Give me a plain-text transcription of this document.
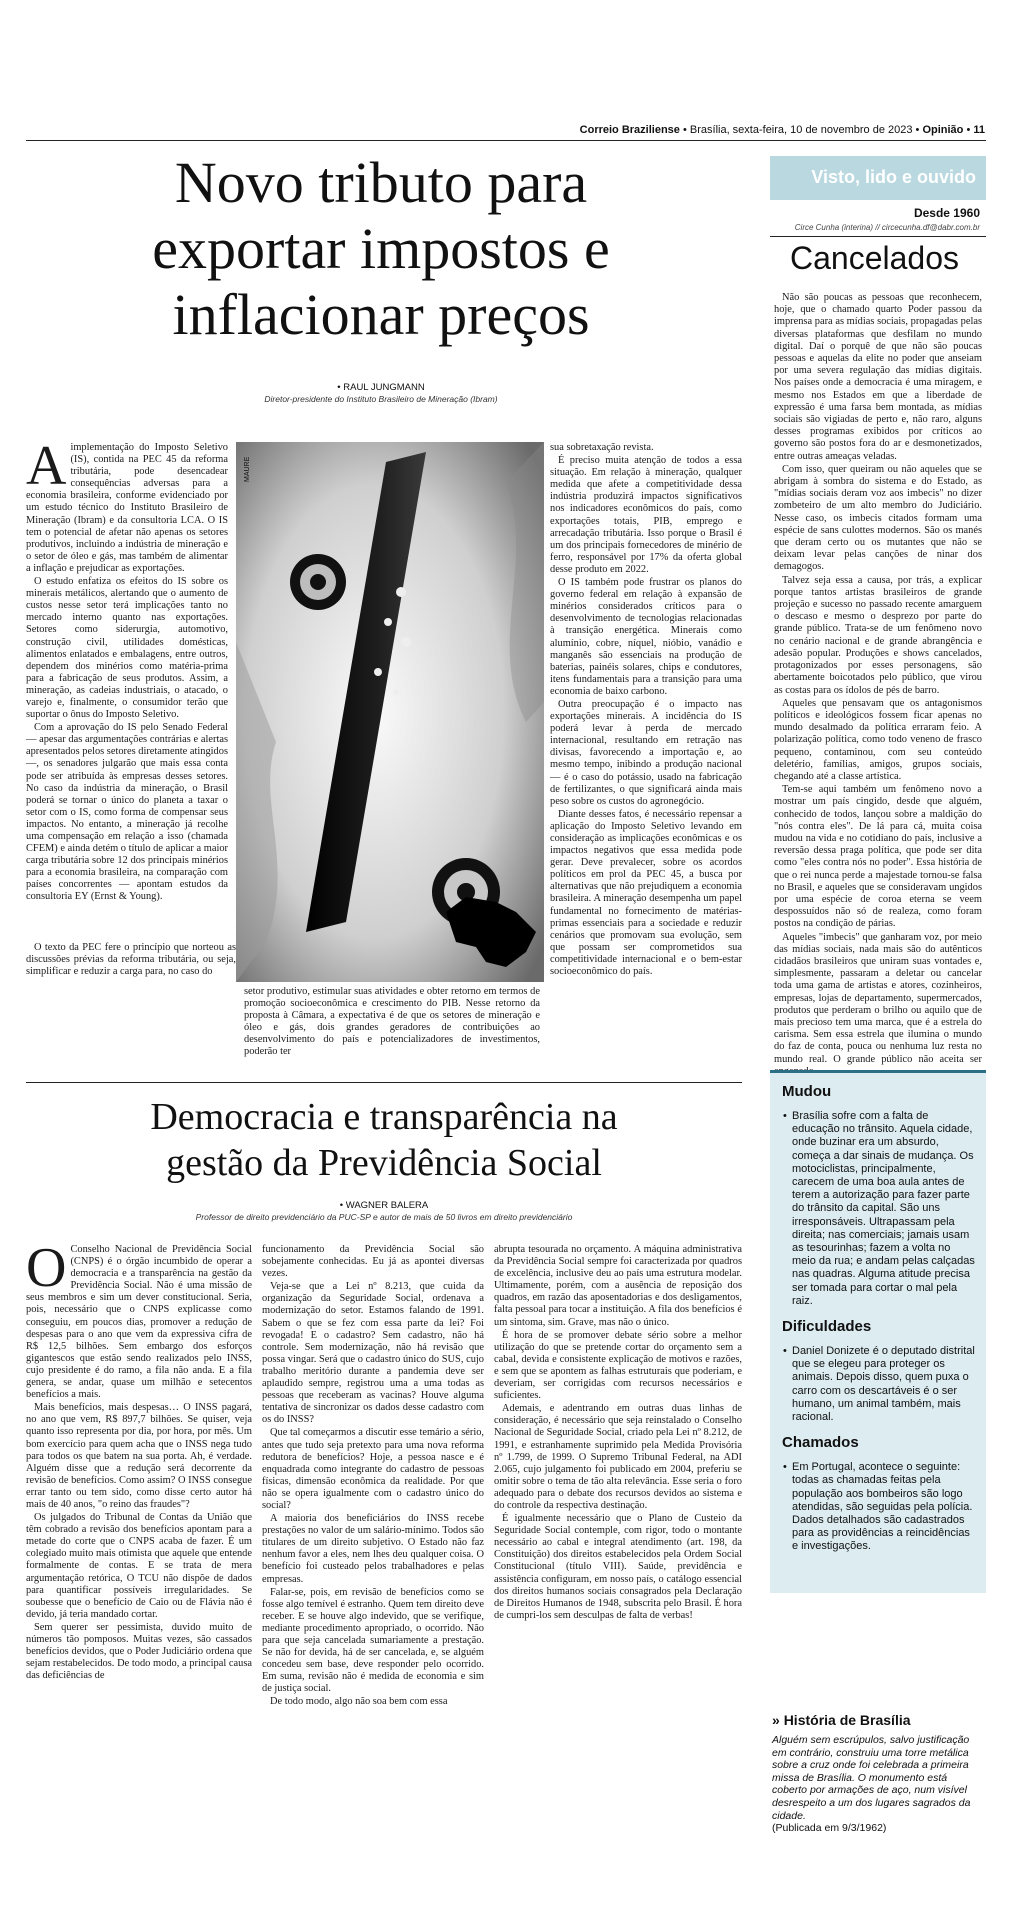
Correio Braziliense • Brasília, sexta-feira, 10 de novembro de 2023 • Opinião • 11
Novo tributo para
exportar impostos e
inflacionar preços
• RAUL JUNGMANN
Diretor-presidente do Instituto Brasileiro de Mineração (Ibram)
MAURE

Aimplementação do Imposto Seletivo (IS), contida na PEC 45 da reforma tributária, pode desencadear consequências adversas para a economia brasileira, conforme evidenciado por um estudo técnico do Instituto Brasileiro de Mineração (Ibram) e da consultoria LCA. O IS tem o potencial de afetar não apenas os setores produtivos, incluindo a indústria de mineração e o setor de óleo e gás, mas também de alimentar a inflação e prejudicar as exportações.

O estudo enfatiza os efeitos do IS sobre os minerais metálicos, alertando que o aumento de custos nesse setor terá implicações tanto no mercado interno quanto nas exportações. Setores como siderurgia, automotivo, construção civil, utilidades domésticas, alimentos enlatados e embalagens, entre outros, dependem dos minérios como matéria-prima para a fabricação de seus produtos. Assim, a mineração, as cadeias industriais, o atacado, o varejo e, finalmente, o consumidor terão que suportar o ônus do Imposto Seletivo.

Com a aprovação do IS pelo Senado Federal — apesar das argumentações contrárias e alertas apresentados pelos setores diretamente atingidos —, os senadores julgarão que mais essa conta pode ser atribuída às empresas desses setores. No caso da indústria da mineração, o Brasil poderá se tornar o único do planeta a taxar o setor com o IS, como forma de compensar seus impactos. No entanto, a mineração já recolhe uma compensação em relação a isso (chamada CFEM) e ainda detém o título de aplicar a maior carga tributária sobre 12 dos principais minérios para a economia brasileira, na comparação com países concorrentes — apontam estudos da consultoria EY (Ernst & Young).

O texto da PEC fere o princípio que norteou as discussões prévias da reforma tributária, ou seja, simplificar e reduzir a carga para, no caso do

setor produtivo, estimular suas atividades e obter retorno em termos de promoção socioeconômica e crescimento do PIB. Nesse retorno da proposta à Câmara, a expectativa é de que os setores de mineração e óleo e gás, dois grandes geradores de contribuições ao desenvolvimento do país e potencializadores de investimentos, poderão ter

sua sobretaxação revista.

É preciso muita atenção de todos a essa situação. Em relação à mineração, qualquer medida que afete a competitividade dessa indústria produzirá impactos significativos nos indicadores econômicos do país, como exportações totais, PIB, emprego e arrecadação tributária. Isso porque o Brasil é um dos principais fornecedores de minério de ferro, responsável por 17% da oferta global desse produto em 2022.

O IS também pode frustrar os planos do governo federal em relação à expansão de minérios considerados críticos para o desenvolvimento de tecnologias relacionadas à transição energética. Minerais como alumínio, cobre, níquel, nióbio, vanádio e manganês são essenciais na produção de baterias, painéis solares, chips e condutores, itens fundamentais para a transição para uma economia de baixo carbono.

Outra preocupação é o impacto nas exportações minerais. A incidência do IS poderá levar à perda de mercado internacional, resultando em retração nas divisas, favorecendo a importação e, ao mesmo tempo, inibindo a produção nacional — é o caso do potássio, usado na fabricação de fertilizantes, o que significará ainda mais peso sobre os custos do agronegócio.

Diante desses fatos, é necessário repensar a aplicação do Imposto Seletivo levando em consideração as implicações econômicas e os impactos negativos que essa medida pode gerar. Deve prevalecer, sobre os acordos políticos em prol da PEC 45, a busca por alternativas que não prejudiquem a economia brasileira. A mineração desempenha um papel fundamental no fornecimento de matérias-primas essenciais para a sociedade e reduzir cenários que promovam sua evolução, sem que possam ser comprometidos sua competitividade internacional e o bem-estar socioeconômico do país.

Democracia e transparência na
gestão da Previdência Social
• WAGNER BALERA
Professor de direito previdenciário da PUC-SP e autor de mais de 50 livros em direito previdenciário

O Conselho Nacional de Previdência Social (CNPS) é o órgão incumbido de operar a democracia e a transparência na gestão da Previdência Social. Não é uma missão de seus membros e sim um dever constitucional. Seria, pois, necessário que o CNPS explicasse como conseguiu, em poucos dias, promover a redução de despesas para o ano que vem da expressiva cifra de R$ 12,5 bilhões. Sem embargo dos esforços gigantescos que estão sendo realizados pelo INSS, cujo presidente é do ramo, a fila não anda. E a fila genera, se andar, quase um milhão e setecentos benefícios a mais.

Mais benefícios, mais despesas… O INSS pagará, no ano que vem, R$ 897,7 bilhões. Se quiser, veja quanto isso representa por dia, por hora, por mês. Um bom exercício para quem acha que o INSS nega tudo para todos os que batem na sua porta. Ah, é verdade. Alguém disse que a redução será decorrente da revisão de benefícios. Como assim? O INSS consegue errar tanto ou tem sido, como disse certo autor há mais de 40 anos, "o reino das fraudes"?

Os julgados do Tribunal de Contas da União que têm cobrado a revisão dos benefícios apontam para a metade do corte que o CNPS acaba de fazer. É um colegiado muito mais otimista que aquele que entende formalmente de contas. E se trata de mera argumentação retórica, O TCU não dispõe de dados para quantificar possíveis irregularidades. Se soubesse que o benefício de Caio ou de Flávia não é devido, já teria mandado cortar.

Sem querer ser pessimista, duvido muito de números tão pomposos. Muitas vezes, são cassados benefícios devidos, que o Poder Judiciário ordena que sejam restabelecidos. De todo modo, a principal causa das deficiências de

funcionamento da Previdência Social são sobejamente conhecidas. Eu já as apontei diversas vezes.

Veja-se que a Lei nº 8.213, que cuida da organização da Seguridade Social, ordenava a modernização do setor. Estamos falando de 1991. Sabem o que se fez com essa parte da lei? Foi revogada! E o cadastro? Sem cadastro, não há controle. Sem modernização, não há revisão que possa vingar. Será que o cadastro único do SUS, cujo trabalho meritório durante a pandemia deve ser aplaudido sempre, registrou uma a uma todas as pessoas que receberam as vacinas? Houve alguma tentativa de sincronizar os dados desse cadastro com os do INSS?

Que tal começarmos a discutir esse temário a sério, antes que tudo seja pretexto para uma nova reforma redutora de benefícios? Hoje, a pessoa nasce e é enquadrada como integrante do cadastro de pessoas físicas, dimensão econômica da realidade. Por que não se opera igualmente com o cadastro único do social?

A maioria dos beneficiários do INSS recebe prestações no valor de um salário-mínimo. Todos são titulares de um direito subjetivo. O Estado não faz nenhum favor a eles, nem lhes deu qualquer coisa. O benefício foi custeado pelos trabalhadores e pelas empresas.

Falar-se, pois, em revisão de benefícios como se fosse algo temível é estranho. Quem tem direito deve receber. E se houve algo indevido, que se verifique, mediante procedimento apropriado, o ocorrido. Não para que seja cancelada sumariamente a prestação. Se não for devida, há de ser cancelada, e, se alguém concedeu sem base, deve responder pelo ocorrido. Em suma, revisão não é medida de economia e sim de justiça social.

De todo modo, algo não soa bem com essa

abrupta tesourada no orçamento. A máquina administrativa da Previdência Social sempre foi caracterizada por quadros de excelência, inclusive deu ao país uma estrutura modelar. Ultimamente, porém, com a ausência de reposição dos quadros, em razão das aposentadorias e dos desligamentos, falta pessoal para tocar a instituição. A fila dos benefícios é um sintoma, sim. Grave, mas não o único.

É hora de se promover debate sério sobre a melhor utilização do que se pretende cortar do orçamento sem a cabal, devida e consistente explicação de motivos e razões, e sem que se apontem as falhas estruturais que poderiam, e deveriam, ser corrigidas com recursos necessários e suficientes.

Ademais, e adentrando em outras duas linhas de consideração, é necessário que seja reinstalado o Conselho Nacional de Seguridade Social, criado pela Lei nº 8.212, de 1991, e estranhamente suprimido pela Medida Provisória nº 1.799, de 1999. O Supremo Tribunal Federal, na ADI 2.065, cujo julgamento foi publicado em 2004, preferiu se omitir sobre o tema de tão alta relevância. Esse seria o foro adequado para o debate dos recursos devidos ao sistema e do controle da respectiva destinação.

É igualmente necessário que o Plano de Custeio da Seguridade Social contemple, com rigor, todo o montante necessário ao cabal e integral atendimento (art. 198, da Constituição) dos direitos estabelecidos pela Ordem Social Constitucional (título VIII). Saúde, previdência e assistência configuram, em nosso país, o catálogo essencial dos direitos humanos sociais consagrados pela Declaração de Direitos Humanos de 1948, subscrita pelo Brasil. É hora de cumpri-los sem desculpas de falta de verbas!

Visto, lido e ouvido
Desde 1960
Circe Cunha (interina) // circecunha.df@dabr.com.br
Cancelados

Não são poucas as pessoas que reconhecem, hoje, que o chamado quarto Poder passou da imprensa para as mídias sociais, propagadas pelas diversas plataformas que desfilam no mundo digital. Daí o porquê de que não são poucas pessoas e aquelas da elite no poder que anseiam por uma severa regulação das mídias digitais. Nos países onde a democracia é uma miragem, e mesmo nos Estados em que a liberdade de expressão é uma farsa bem montada, as mídias sociais são vigiadas de perto e, não raro, alguns desses programas exibidos por críticos ao governo são postos fora do ar e desmonetizados, entre outras ameaças veladas.

Com isso, quer queiram ou não aqueles que se abrigam à sombra do sistema e do Estado, as "mídias sociais deram voz aos imbecis" no dizer zombeteiro de um alto membro do Judiciário. Nesse caso, os imbecis citados formam uma espécie de sans culottes modernos. São os manés que deram certo ou os mutantes que não se deixam levar pelas canções de ninar dos demagogos.

Talvez seja essa a causa, por trás, a explicar porque tantos artistas brasileiros de grande projeção e sucesso no passado recente amarguem o descaso e mesmo o desprezo por parte do grande público. Trata-se de um fenômeno novo no cenário nacional e de grande abrangência e adesão popular. Produções e shows cancelados, protagonizados por esses personagens, são abertamente boicotados pelo público, que virou as costas para os ídolos de pés de barro.

Aqueles que pensavam que os antagonismos políticos e ideológicos fossem ficar apenas no mundo desalmado da política erraram feio. A polarização política, como todo veneno de frasco pequeno, contaminou, com seu conteúdo deletério, famílias, amigos, grupos sociais, chegando até a classe artística.

Tem-se aqui também um fenômeno novo a mostrar um país cingido, desde que alguém, conhecido de todos, lançou sobre a maldição do "nós contra eles". De lá para cá, muita coisa mudou na vida e no cotidiano do país, inclusive a reversão dessa praga política, que pode ser dita como "eles contra nós no poder". Essa história de que o rei nunca perde a majestade tornou-se falsa no Brasil, e aqueles que se consideravam ungidos por uma espécie de coroa eterna se veem despossuídos não só de realeza, como foram postos na condição de párias.

Aqueles "imbecis" que ganharam voz, por meio das mídias sociais, nada mais são do autênticos cidadãos brasileiros que uniram suas vontades e, simplesmente, passaram a deletar ou cancelar toda uma gama de artistas e atores, cozinheiros, empresas, lojas de departamento, supermercados, produtos que perderam o brilho ou aquilo que de mais precioso tem uma marca, que é a estrela do carisma. Sem essa estrela que ilumina o mundo do faz de conta, pouca ou nenhuma luz resta no mundo real. O grande público não aceita ser

Mudou
• Brasília sofre com a falta de educação no trânsito. Aquela cidade, onde buzinar era um absurdo, começa a dar sinais de mudança. Os motociclistas, principalmente, carecem de uma boa aula antes de terem a autorização para fazer parte do trânsito da capital. São uns irresponsáveis. Ultrapassam pela direita; nas comerciais; jamais usam as tesourinhas; fazem a volta no meio da rua; e andam pelas calçadas nas quadras. Alguma atitude precisa ser tomada para cortar o mal pela raiz.
Dificuldades
• Daniel Donizete é o deputado distrital que se elegeu para proteger os animais. Depois disso, quem puxa o carro com os descartáveis é o ser humano, um animal também, mais racional.
Chamados
• Em Portugal, acontece o seguinte: todas as chamadas feitas pela população aos bombeiros são logo atendidas, são seguidas pela polícia. Dados detalhados são cadastrados para as providências a reincidências e investigações.
» História de Brasília
Alguém sem escrúpulos, salvo justificação em contrário, construiu uma torre metálica sobre a cruz onde foi celebrada a primeira missa de Brasília. O monumento está coberto por armações de aço, num visível desrespeito a um dos lugares sagrados da cidade.
(Publicada em 9/3/1962)
